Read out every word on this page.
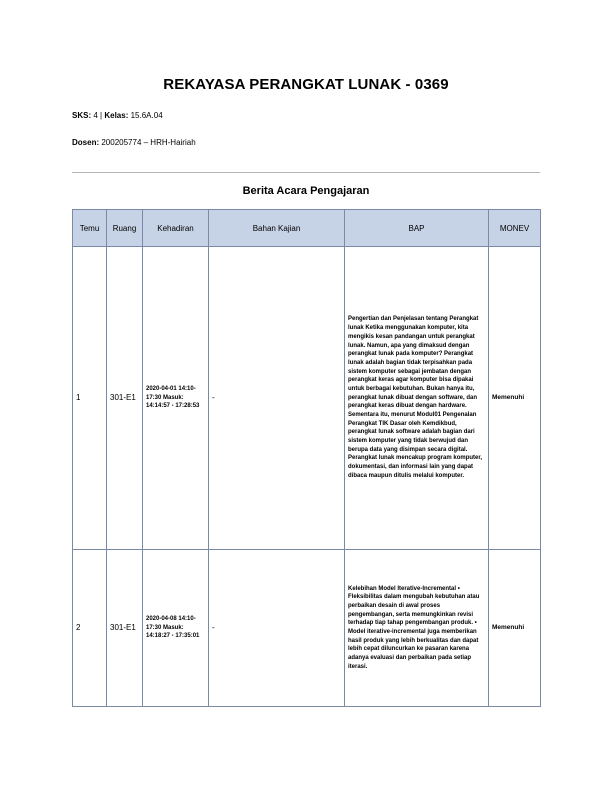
REKAYASA PERANGKAT LUNAK - 0369
SKS: 4 | Kelas: 15.6A.04
Dosen: 200205774 – HRH-Hairiah
Berita Acara Pengajaran
Temu	Ruang	Kehadiran	Bahan Kajian	BAP	MONEV
1	301-E1	2020-04-01 14:10-17:30 Masuk: 14:14:57 - 17:28:53	-	Pengertian dan Penjelasan tentang Perangkat lunak Ketika menggunakan komputer, kita mengikis kesan pandangan untuk perangkat lunak. Namun, apa yang dimaksud dengan perangkat lunak pada komputer? Perangkat lunak adalah bagian tidak terpisahkan pada sistem komputer sebagai jembatan dengan perangkat keras agar komputer bisa dipakai untuk berbagai kebutuhan. Bukan hanya itu, perangkat lunak dibuat dengan software, dan perangkat keras dibuat dengan hardware. Sementara itu, menurut Modul01 Pengenalan Perangkat TIK Dasar oleh Kemdikbud, perangkat lunak software adalah bagian dari sistem komputer yang tidak berwujud dan berupa data yang disimpan secara digital. Perangkat lunak mencakup program komputer, dokumentasi, dan informasi lain yang dapat dibaca maupun ditulis melalui komputer.	Memenuhi
2	301-E1	2020-04-08 14:10-17:30 Masuk: 14:18:27 - 17:35:01	-	Kelebihan Model Iterative-Incremental • Fleksibilitas dalam mengubah kebutuhan atau perbaikan desain di awal proses pengembangan, serta memungkinkan revisi terhadap tiap tahap pengembangan produk. • Model iterative-incremental juga memberikan hasil produk yang lebih berkualitas dan dapat lebih cepat diluncurkan ke pasaran karena adanya evaluasi dan perbaikan pada setiap iterasi.	Memenuhi
